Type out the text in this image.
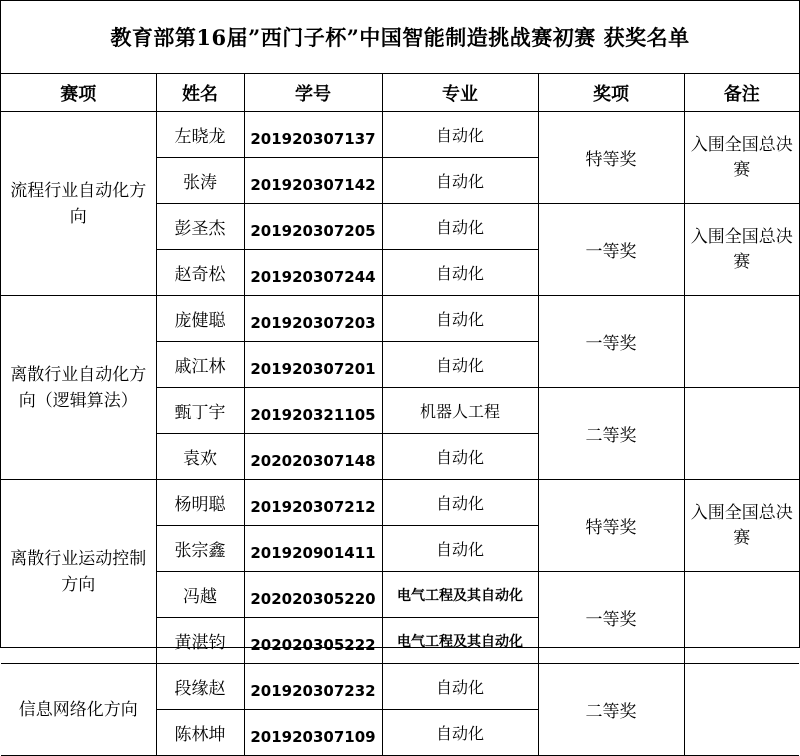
教育部第16届”西门子杯”中国智能制造挑战赛初赛 获奖名单
赛项	姓名	学号	专业	奖项	备注
流程行业自动化方向	左晓龙	201920307137	自动化	特等奖	入围全国总决赛
	张涛	201920307142	自动化		
	彭圣杰	201920307205	自动化	一等奖	入围全国总决赛
	赵奇松	201920307244	自动化		
离散行业自动化方向（逻辑算法）	庞健聪	201920307203	自动化	一等奖	
	戚江林	201920307201	自动化		
	甄丁宇	201920321105	机器人工程	二等奖	
	袁欢	202020307148	自动化		
离散行业运动控制方向	杨明聪	201920307212	自动化	特等奖	入围全国总决赛
	张宗鑫	201920901411	自动化		
	冯越	202020305220	电气工程及其自动化	一等奖	
	黄湛钧	202020305222	电气工程及其自动化		
信息网络化方向	段缘赵	201920307232	自动化	二等奖	
	陈林坤	201920307109	自动化		
